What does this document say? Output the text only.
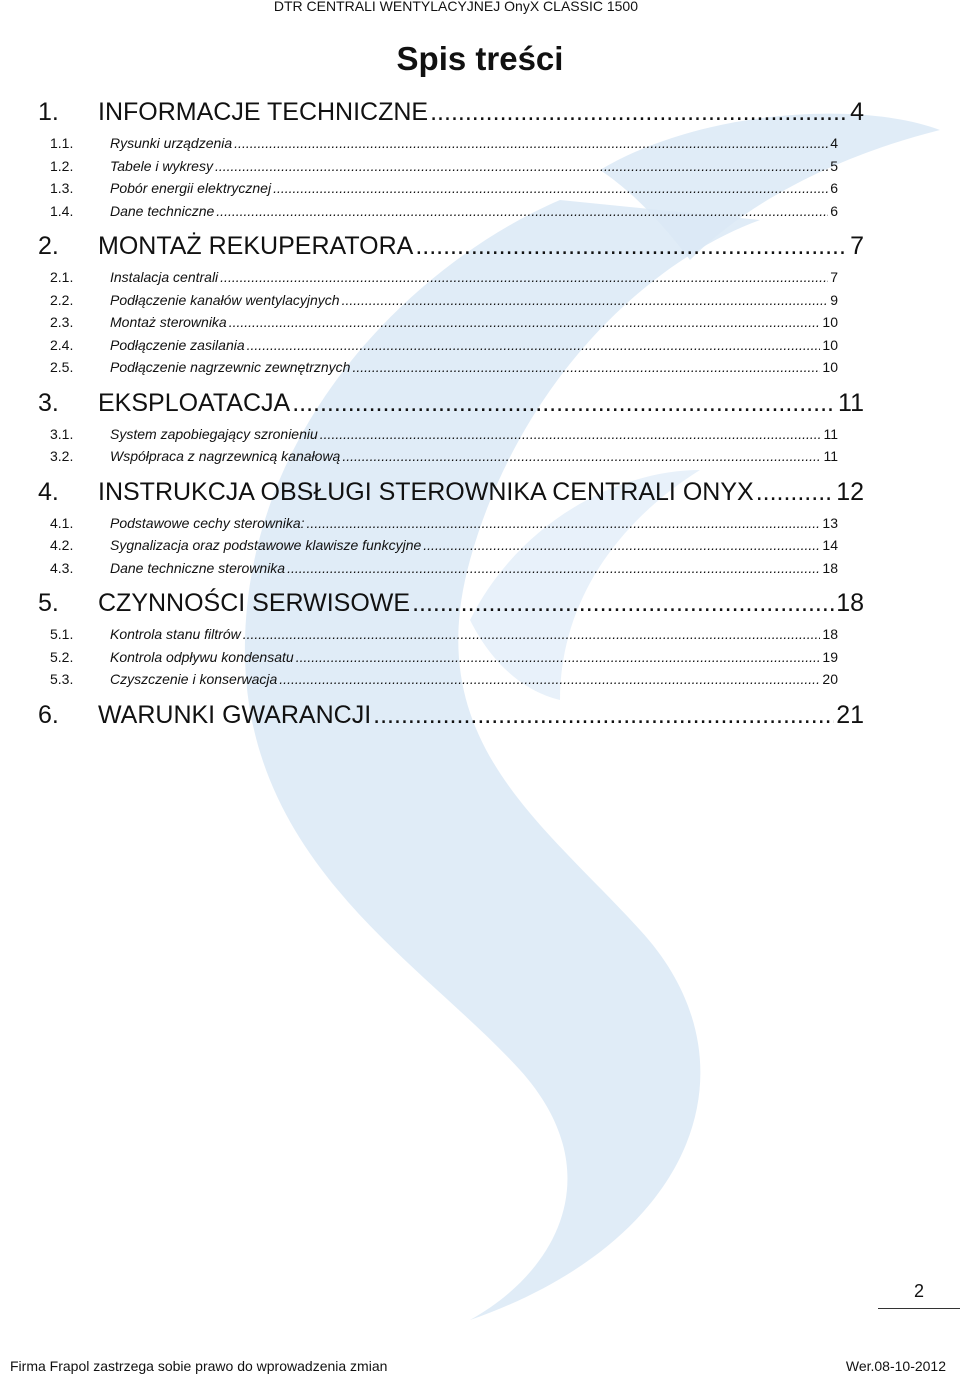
DTR CENTRALI WENTYLACYJNEJ OnyX CLASSIC 1500
Spis treści
1.	INFORMACJE TECHNICZNE .....	4
1.1.	Rysunki urządzenia .....	4
1.2.	Tabele i wykresy .....	5
1.3.	Pobór energii elektrycznej .....	6
1.4.	Dane techniczne .....	6
2.	MONTAŻ REKUPERATORA .....	7
2.1.	Instalacja centrali .....	7
2.2.	Podłączenie kanałów wentylacyjnych .....	9
2.3.	Montaż sterownika .....	10
2.4.	Podłączenie zasilania .....	10
2.5.	Podłączenie nagrzewnic zewnętrznych .....	10
3.	EKSPLOATACJA .....	11
3.1.	System zapobiegający szronieniu .....	11
3.2.	Współpraca z nagrzewnicą kanałową .....	11
4.	INSTRUKCJA OBSŁUGI STEROWNIKA CENTRALI ONYX .....	12
4.1.	Podstawowe cechy sterownika: .....	13
4.2.	Sygnalizacja oraz podstawowe klawisze funkcyjne .....	14
4.3.	Dane techniczne sterownika .....	18
5.	CZYNNOŚCI SERWISOWE .....	18
5.1.	Kontrola stanu filtrów .....	18
5.2.	Kontrola odpływu kondensatu .....	19
5.3.	Czyszczenie i konserwacja .....	20
6.	WARUNKI GWARANCJI .....	21
2
Firma Frapol zastrzega sobie prawo do wprowadzenia zmian	Wer.08-10-2012
